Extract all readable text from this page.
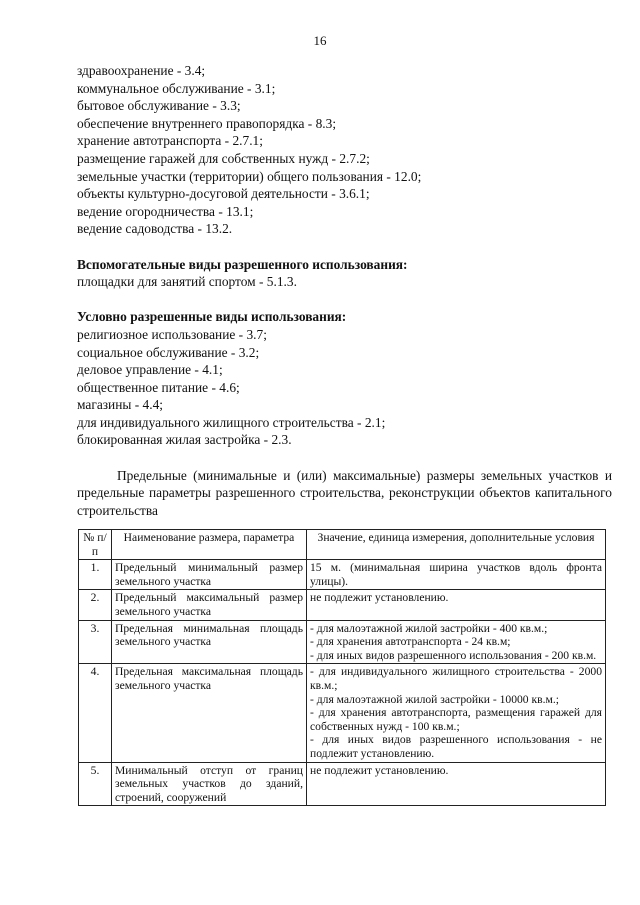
16
здравоохранение - 3.4;
коммунальное обслуживание - 3.1;
бытовое обслуживание - 3.3;
обеспечение внутреннего правопорядка - 8.3;
хранение автотранспорта - 2.7.1;
размещение гаражей для собственных нужд - 2.7.2;
земельные участки (территории) общего пользования - 12.0;
объекты культурно-досуговой деятельности - 3.6.1;
ведение огородничества - 13.1;
ведение садоводства - 13.2.
Вспомогательные виды разрешенного использования:
площадки для занятий спортом - 5.1.3.
Условно разрешенные виды использования:
религиозное использование - 3.7;
социальное обслуживание - 3.2;
деловое управление - 4.1;
общественное питание - 4.6;
магазины - 4.4;
для индивидуального жилищного строительства - 2.1;
блокированная жилая застройка - 2.3.
Предельные (минимальные и (или) максимальные) размеры земельных участков и предельные параметры разрешенного строительства, реконструкции объектов капитального строительства
№ п/п	Наименование размера, параметра	Значение, единица измерения, дополнительные условия
1.	Предельный минимальный размер земельного участка	15 м. (минимальная ширина участков вдоль фронта улицы).

2.	Предельный максимальный размер земельного участка	не подлежит установлению.

3.	Предельная минимальная площадь земельного участка	- для малоэтажной жилой застройки - 400 кв.м.;
- для хранения автотранспорта - 24 кв.м;
- для иных видов разрешенного использования - 200 кв.м.

4.	Предельная максимальная площадь земельного участка	- для индивидуального жилищного строительства - 2000 кв.м.;
- для малоэтажной жилой застройки - 10000 кв.м.;
- для хранения автотранспорта, размещения гаражей для собственных нужд - 100 кв.м.;
- для иных видов разрешенного использования - не подлежит установлению.

5.	Минимальный отступ от границ земельных участков до зданий, строений, сооружений	не подлежит установлению.
